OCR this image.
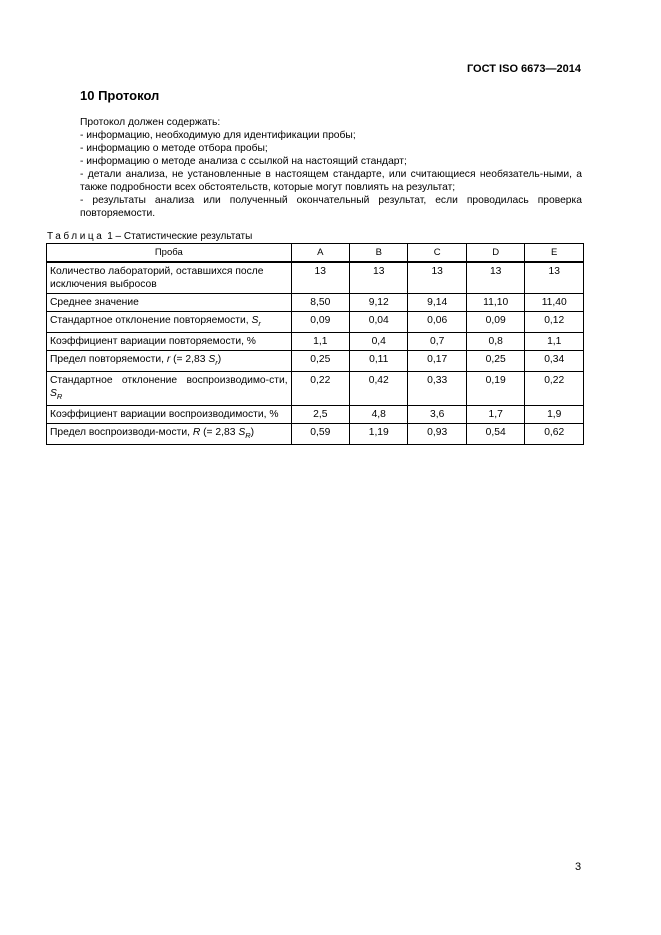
ГОСТ ISO 6673—2014
10 Протокол

Протокол должен содержать:

- информацию, необходимую для идентификации пробы;

- информацию о методе отбора пробы;

- информацию о методе анализа с ссылкой на настоящий стандарт;

- детали анализа, не установленные в настоящем стандарте, или считающиеся необязатель-ными, а также подробности всех обстоятельств, которые могут повлиять на результат;

- результаты анализа или полученный окончательный результат, если проводилась проверка повторяемости.

Таблица 1 – Статистические результаты
Проба	A	B	C	D	E
Количество лабораторий, оставшихся после исключения выбросов	13	13	13	13	13
Среднее значение	8,50	9,12	9,14	11,10	11,40
Стандартное отклонение повторяемости, $S_r$	0,09	0,04	0,06	0,09	0,12
Коэффициент вариации повторяемости, %	1,1	0,4	0,7	0,8	1,1
Предел повторяемости, r (= 2,83 $S_r$)	0,25	0,11	0,17	0,25	0,34
Стандартное отклонение воспроизводимо-сти, $S_R$	0,22	0,42	0,33	0,19	0,22
Коэффициент вариации воспроизводимости, %	2,5	4,8	3,6	1,7	1,9
Предел воспроизводи-мости, R (= 2,83 $S_R$)	0,59	1,19	0,93	0,54	0,62
3
